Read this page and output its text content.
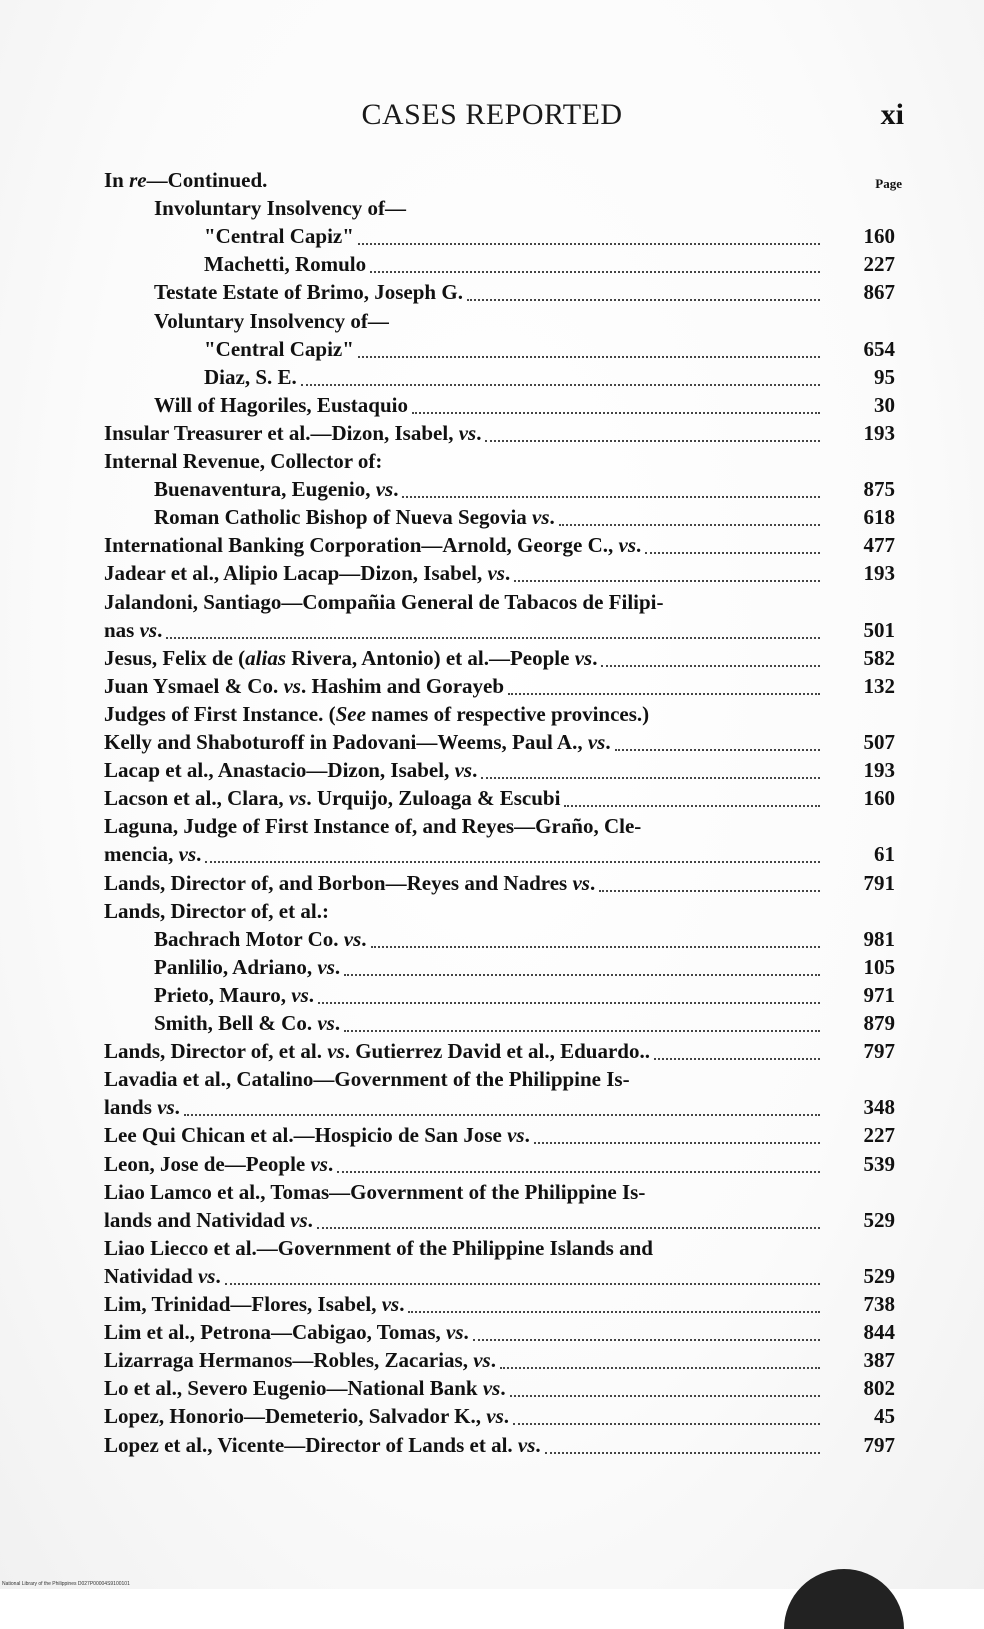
CASES REPORTED	xi
Page
In re—Continued.
Involuntary Insolvency of—
"Central Capiz"	160
Machetti, Romulo	227
Testate Estate of Brimo, Joseph G.	867
Voluntary Insolvency of—
"Central Capiz"	654
Diaz, S. E.	95
Will of Hagoriles, Eustaquio	30
Insular Treasurer et al.—Dizon, Isabel, vs.	193
Internal Revenue, Collector of:
Buenaventura, Eugenio, vs.	875
Roman Catholic Bishop of Nueva Segovia vs.	618
International Banking Corporation—Arnold, George C., vs.	477
Jadear et al., Alipio Lacap—Dizon, Isabel, vs.	193
Jalandoni, Santiago—Compañia General de Tabacos de Filipi-
nas vs.	501
Jesus, Felix de (alias Rivera, Antonio) et al.—People vs.	582
Juan Ysmael & Co. vs. Hashim and Gorayeb	132
Judges of First Instance. (See names of respective provinces.)
Kelly and Shaboturoff in Padovani—Weems, Paul A., vs.	507
Lacap et al., Anastacio—Dizon, Isabel, vs.	193
Lacson et al., Clara, vs. Urquijo, Zuloaga & Escubi	160
Laguna, Judge of First Instance of, and Reyes—Graño, Cle-
mencia, vs.	61
Lands, Director of, and Borbon—Reyes and Nadres vs.	791
Lands, Director of, et al.:
Bachrach Motor Co. vs.	981
Panlilio, Adriano, vs.	105
Prieto, Mauro, vs.	971
Smith, Bell & Co. vs.	879
Lands, Director of, et al. vs. Gutierrez David et al., Eduardo..	797
Lavadia et al., Catalino—Government of the Philippine Is-
lands vs.	348
Lee Qui Chican et al.—Hospicio de San Jose vs.	227
Leon, Jose de—People vs.	539
Liao Lamco et al., Tomas—Government of the Philippine Is-
lands and Natividad vs.	529
Liao Liecco et al.—Government of the Philippine Islands and
Natividad vs.	529
Lim, Trinidad—Flores, Isabel, vs.	738
Lim et al., Petrona—Cabigao, Tomas, vs.	844
Lizarraga Hermanos—Robles, Zacarias, vs.	387
Lo et al., Severo Eugenio—National Bank vs.	802
Lopez, Honorio—Demeterio, Salvador K., vs.	45
Lopez et al., Vicente—Director of Lands et al. vs.	797
National Library of the Philippines D027P00004S9100101
